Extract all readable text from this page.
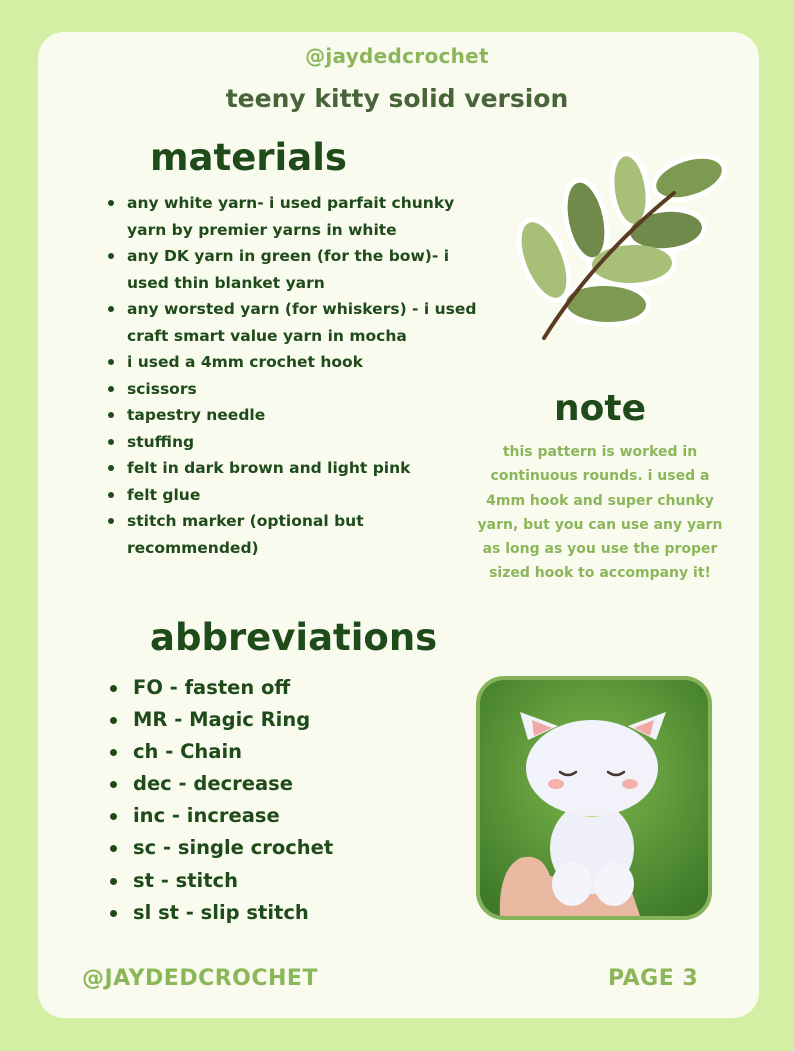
@jaydedcrochet
teeny kitty solid version
materials
any white yarn- i used parfait chunky yarn by premier yarns in white
any DK yarn in green (for the bow)- i used thin blanket yarn
any worsted yarn (for whiskers) - i used craft smart value yarn in mocha
i used a 4mm crochet hook
scissors
tapestry needle
stuffing
felt in dark brown and light pink
felt glue
stitch marker (optional but recommended)
note

this pattern is worked in continuous rounds. i used a 4mm hook and super chunky yarn, but you can use any yarn as long as you use the proper sized hook to accompany it!

abbreviations
FO - fasten off
MR - Magic Ring
ch - Chain
dec - decrease
inc - increase
sc - single crochet
st - stitch
sl st - slip stitch
@JAYDEDCROCHET	PAGE 3
